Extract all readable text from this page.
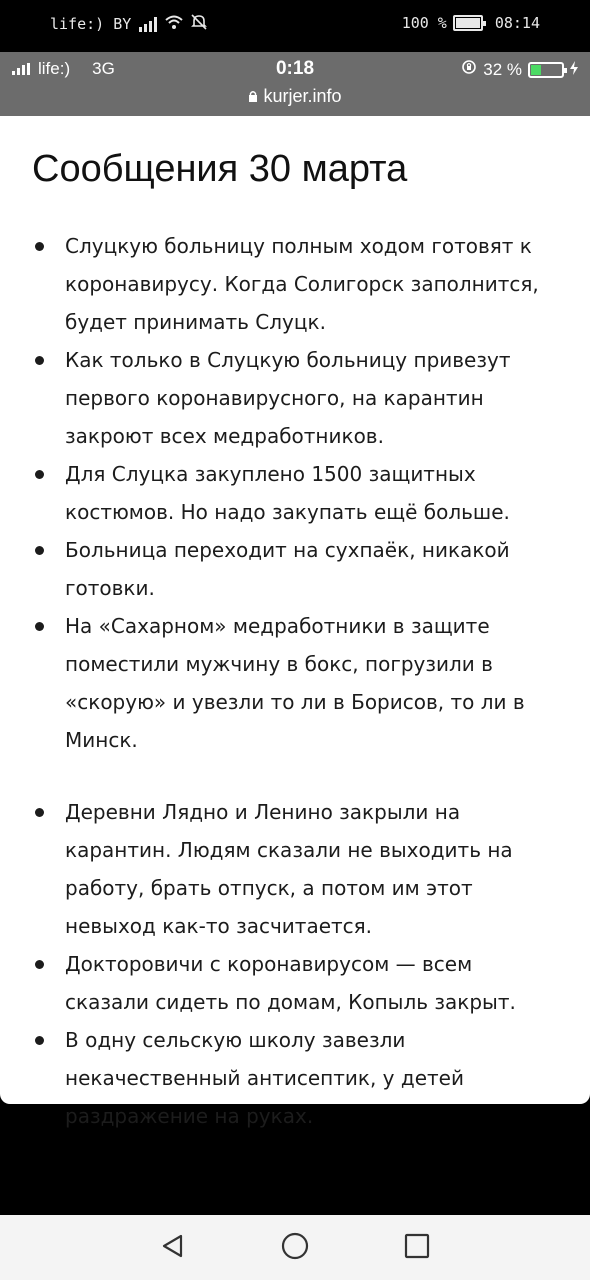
life:) BY	100 %	08:14
life:) 3G	0:18	32 %
kurjer.info
Сообщения 30 марта
Слуцкую больницу полным ходом готовят к коронавирусу. Когда Солигорск заполнится, будет принимать Слуцк.
Как только в Слуцкую больницу привезут первого коронавирусного, на карантин закроют всех медработников.
Для Слуцка закуплено 1500 защитных костюмов. Но надо закупать ещё больше.
Больница переходит на сухпаёк, никакой готовки.
На «Сахарном» медработники в защите поместили мужчину в бокс, погрузили в «скорую» и увезли то ли в Борисов, то ли в Минск.
Деревни Лядно и Ленино закрыли на карантин. Людям сказали не выходить на работу, брать отпуск, а потом им этот невыход как-то засчитается.
Докторовичи с коронавирусом — всем сказали сидеть по домам, Копыль закрыт.
В одну сельскую школу завезли некачественный антисептик, у детей раздражение на руках.
